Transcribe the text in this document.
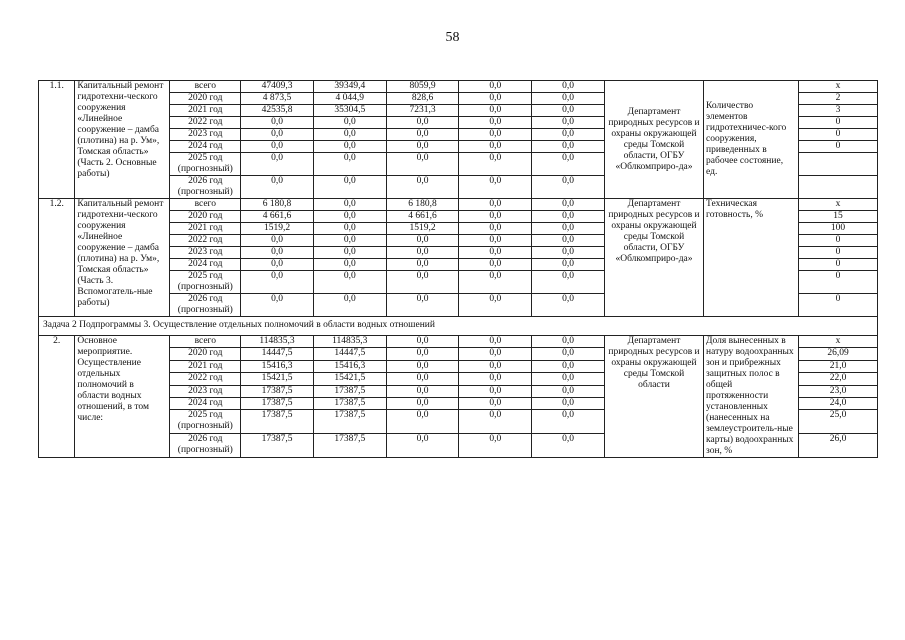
58
1.1.	Капитальный ремонт гидротехни-ческого сооружения «Линейное сооружение – дамба (плотина) на р. Ум», Томская область» (Часть 2. Основные работы)	всего	47409,3	39349,4	8059,9	0,0	0,0	Департамент природных ресурсов и охраны окружающей среды Томской области, ОГБУ «Облкомприро-да»	Количество элементов гидротехничес-кого сооружения, приведенных в рабочее состояние, ед.	x
		2020 год	4 873,5	4 044,9	828,6	0,0	0,0			2
		2021 год	42535,8	35304,5	7231,3	0,0	0,0			3
		2022 год	0,0	0,0	0,0	0,0	0,0			0
		2023 год	0,0	0,0	0,0	0,0	0,0			0
		2024 год	0,0	0,0	0,0	0,0	0,0			0
		2025 год (прогнозный)	0,0	0,0	0,0	0,0	0,0			
		2026 год (прогнозный)	0,0	0,0	0,0	0,0	0,0			
1.2.	Капитальный ремонт гидротехни-ческого сооружения «Линейное сооружение – дамба (плотина) на р. Ум», Томская область» (Часть 3. Вспомогатель-ные работы)	всего	6 180,8	0,0	6 180,8	0,0	0,0	Департамент природных ресурсов и охраны окружающей среды Томской области, ОГБУ «Облкомприро-да»	Техническая готовность, %	x
		2020 год	4 661,6	0,0	4 661,6	0,0	0,0			15
		2021 год	1519,2	0,0	1519,2	0,0	0,0			100
		2022 год	0,0	0,0	0,0	0,0	0,0			0
		2023 год	0,0	0,0	0,0	0,0	0,0			0
		2024 год	0,0	0,0	0,0	0,0	0,0			0
		2025 год (прогнозный)	0,0	0,0	0,0	0,0	0,0			0
		2026 год (прогнозный)	0,0	0,0	0,0	0,0	0,0			0
Задача 2 Подпрограммы 3. Осуществление отдельных полномочий в области водных отношений										
2.	Основное мероприятие. Осуществление отдельных полномочий в области водных отношений, в том числе:	всего	114835,3	114835,3	0,0	0,0	0,0	Департамент природных ресурсов и охраны окружающей среды Томской области	Доля вынесенных в натуру водоохранных зон и прибрежных защитных полос в общей протяженности установленных (нанесенных на землеустроитель-ные карты) водоохранных зон, %	x
		2020 год	14447,5	14447,5	0,0	0,0	0,0			26,09
		2021 год	15416,3	15416,3	0,0	0,0	0,0			21,0
		2022 год	15421,5	15421,5	0,0	0,0	0,0			22,0
		2023 год	17387,5	17387,5	0,0	0,0	0,0			23,0
		2024 год	17387,5	17387,5	0,0	0,0	0,0			24,0
		2025 год (прогнозный)	17387,5	17387,5	0,0	0,0	0,0			25,0
		2026 год (прогнозный)	17387,5	17387,5	0,0	0,0	0,0			26,0
